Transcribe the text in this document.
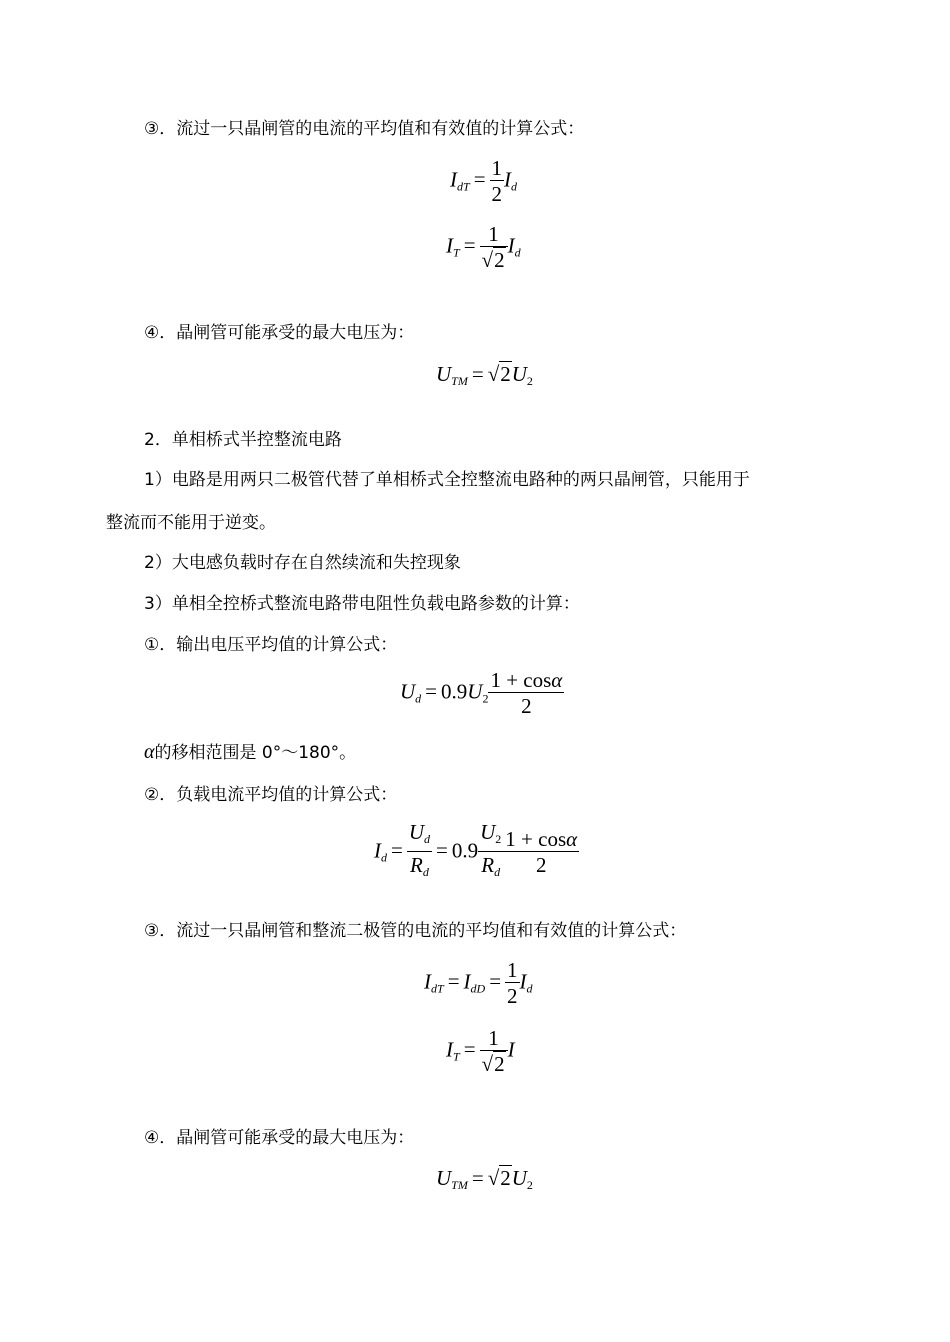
③．流过一只晶闸管的电流的平均值和有效值的计算公式：
IdT = $\frac{1}{2}$ Id
IT = $\frac{1}{√2}$ Id
④．晶闸管可能承受的最大电压为：
UTM = √2U2
2．单相桥式半控整流电路
1）电路是用两只二极管代替了单相桥式全控整流电路种的两只晶闸管，只能用于
整流而不能用于逆变。
2）大电感负载时存在自然续流和失控现象
3）单相全控桥式整流电路带电阻性负载电路参数的计算：
①．输出电压平均值的计算公式：
$Ud = 0.9U2 \frac{1 + \cos\alpha}{2}$
α的移相范围是 0°～180°。
②．负载电流平均值的计算公式：
$Id = \frac{Ud}{Rd} = 0.9 \frac{U2}{Rd} \frac{1 + \cos\alpha}{2}$
③．流过一只晶闸管和整流二极管的电流的平均值和有效值的计算公式：
IdT = IdD = $\frac{1}{2}$ Id
IT = $\frac{1}{√2}$ I
④．晶闸管可能承受的最大电压为：
UTM = √2U2
